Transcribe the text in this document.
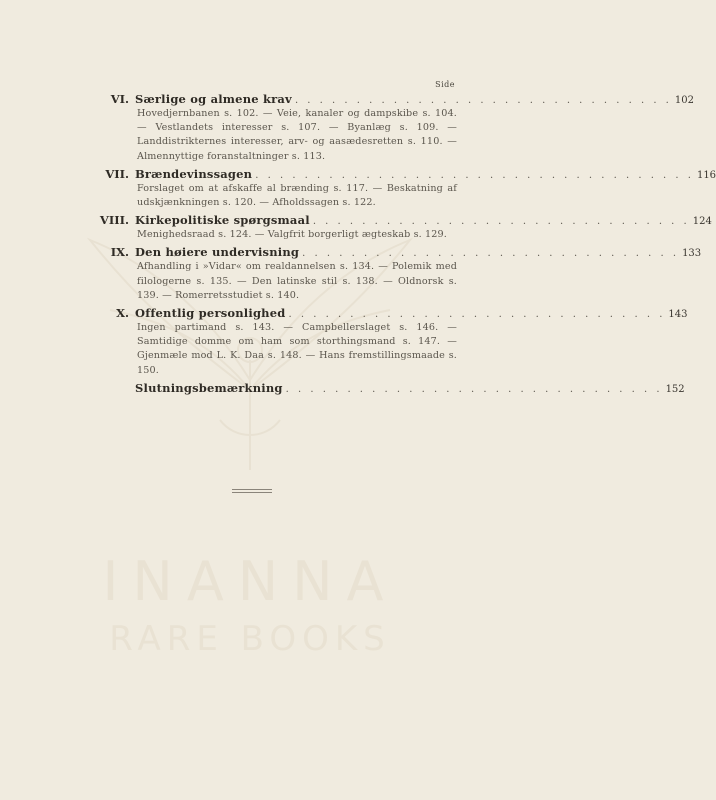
INANNA
RARE BOOKS
Side
VI. Særlige og almene krav . . . . . . . . . . . . . . . . . . . . . . . . . . . . . . . 102
Hovedjernbanen s. 102. — Veie, kanaler og dampskibe s. 104. — Vestlandets interesser s. 107. — Byanlæg s. 109. — Landdistrikternes interesser, arv- og aasædesretten s. 110. — Almennyttige foranstaltninger s. 113.
VII. Brændevinssagen . . . . . . . . . . . . . . . . . . . . . . . . . . . . . . . . . . . . 116
Forslaget om at afskaffe al brænding s. 117. — Beskatning af udskjænkningen s. 120. — Afholdssagen s. 122.
VIII. Kirkepolitiske spørgsmaal . . . . . . . . . . . . . . . . . . . . . . . . . . . . . . . 124
Menighedsraad s. 124. — Valgfrit borgerligt ægteskab s. 129.
IX. Den høiere undervisning . . . . . . . . . . . . . . . . . . . . . . . . . . . . . . . 133
Afhandling i »Vidar« om realdannelsen s. 134. — Polemik med filologerne s. 135. — Den latinske stil s. 138. — Oldnorsk s. 139. — Romerretsstudiet s. 140.
X. Offentlig personlighed . . . . . . . . . . . . . . . . . . . . . . . . . . . . . . . 143
Ingen partimand s. 143. — Campbellerslaget s. 146. — Samtidige domme om ham som storthingsmand s. 147. — Gjenmæle mod L. K. Daa s. 148. — Hans fremstillingsmaade s. 150.
Slutningsbemærkning . . . . . . . . . . . . . . . . . . . . . . . . . . . . . . . 152
